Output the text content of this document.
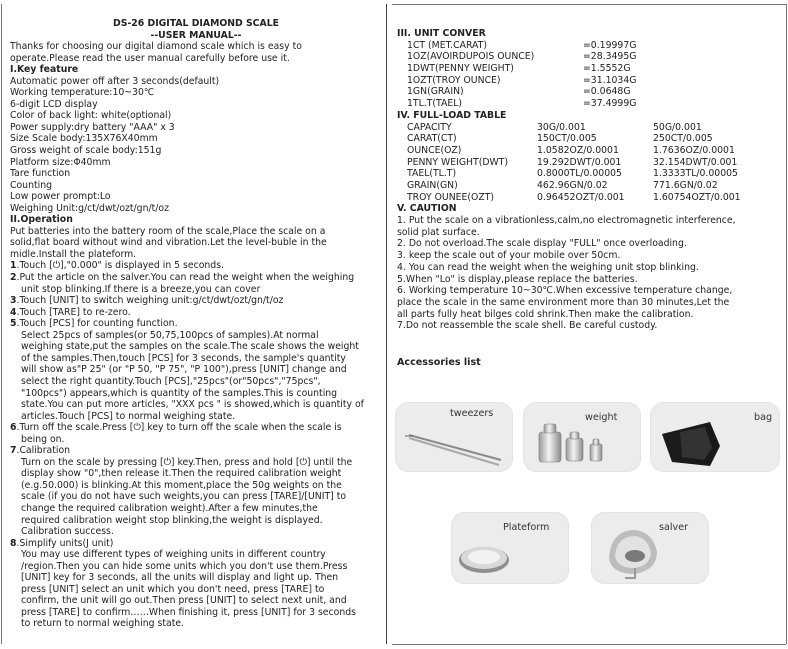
DS-26 DIGITAL DIAMOND SCALE
--USER MANUAL--
Thanks for choosing our digital diamond scale which is easy to
operate.Please read the user manual carefully before use it.
I.Key feature
Automatic power off after 3 seconds(default)
Working temperature:10~30℃
6-digit LCD display
Color of back light: white(optional)
Power supply:dry battery "AAA" x 3
Size Scale body:135X76X40mm
Gross weight of scale body:151g
Platform size:Φ40mm
Tare function
Counting
Low power prompt:Lo
Weighing Unit:g/ct/dwt/ozt/gn/t/oz
II.Operation
Put batteries into the battery room of the scale,Place the scale on a
solid,flat board without wind and vibration.Let the level-buble in the
midle.Install the plateform.
1.Touch [⏻],"0.000" is displayed in 5 seconds.
2.Put the article on the salver.You can read the weight when the weighing
unit stop blinking.If there is a breeze,you can cover
3.Touch [UNIT] to switch weighing unit:g/ct/dwt/ozt/gn/t/oz
4.Touch [TARE] to re-zero.
5.Touch [PCS] for counting function.
Select 25pcs of samples(or 50,75,100pcs of samples).At normal
weighing state,put the samples on the scale.The scale shows the weight
of the samples.Then,touch [PCS] for 3 seconds, the sample's quantity
will show as"P 25" (or "P 50, "P 75", "P 100"),press [UNIT] change and
select the right quantity.Touch [PCS],"25pcs"(or"50pcs","75pcs",
"100pcs") appears,which is quantity of the samples.This is counting
state.You can put more articles, "XXX pcs " is showed,which is quantity of
articles.Touch [PCS] to normal weighing state.
6.Turn off the scale.Press [⏻] key to turn off the scale when the scale is
being on.
7.Calibration
Turn on the scale by pressing [⏻] key.Then, press and hold [⏻] until the
display show "0",then release it.Then the required calibration weight
(e.g.50.000) is blinking.At this moment,place the 50g weights on the
scale (if you do not have such weights,you can press [TARE]/[UNIT] to
change the required calibration weight).After a few minutes,the
required calibration weight stop blinking,the weight is displayed.
Calibration success.
8.Simplify units(J unit)
You may use different types of weighing units in different country
/region.Then you can hide some units which you don't use them.Press
[UNIT] key for 3 seconds, all the units will display and light up. Then
press [UNIT] select an unit which you don't need, press [TARE] to
confirm, the unit will go out.Then press [UNIT] to select next unit, and
press [TARE] to confirm……When finishing it, press [UNIT] for 3 seconds
to return to normal weighing state.
III. UNIT CONVER
1CT (MET.CARAT)	=0.19997G
1OZ(AVOIRDUPOIS OUNCE)	=28.3495G
1DWT(PENNY WEIGHT)	=1.5552G
1OZT(TROY OUNCE)	=31.1034G
1GN(GRAIN)	=0.0648G
1TL.T(TAEL)	=37.4999G
IV. FULL-LOAD TABLE
CAPACITY	30G/0.001	50G/0.001
CARAT(CT)	150CT/0.005	250CT/0.005
OUNCE(OZ)	1.0582OZ/0.0001	1.7636OZ/0.0001
PENNY WEIGHT(DWT)	19.292DWT/0.001	32.154DWT/0.001
TAEL(TL.T)	0.8000TL/0.00005	1.3333TL/0.00005
GRAIN(GN)	462.96GN/0.02	771.6GN/0.02
TROY OUNEE(OZT)	0.96452OZT/0.001	1.60754OZT/0.001
V. CAUTION
1. Put the scale on a vibrationless,calm,no electromagnetic interference,
solid plat surface.
2. Do not overload.The scale display "FULL" once overloading.
3. keep the scale out of your mobile over 50cm.
4. You can read the weight when the weighing unit stop blinking.
5.When "Lo" is display,please replace the batteries.
6. Working temperature 10~30℃.When excessive temperature change,
place the scale in the same environment more than 30 minutes,Let the
all parts fully heat bilges cold shrink.Then make the calibration.
7.Do not reassemble the scale shell. Be careful custody.
Accessories list
tweezers	weight	bag
Plateform	salver
